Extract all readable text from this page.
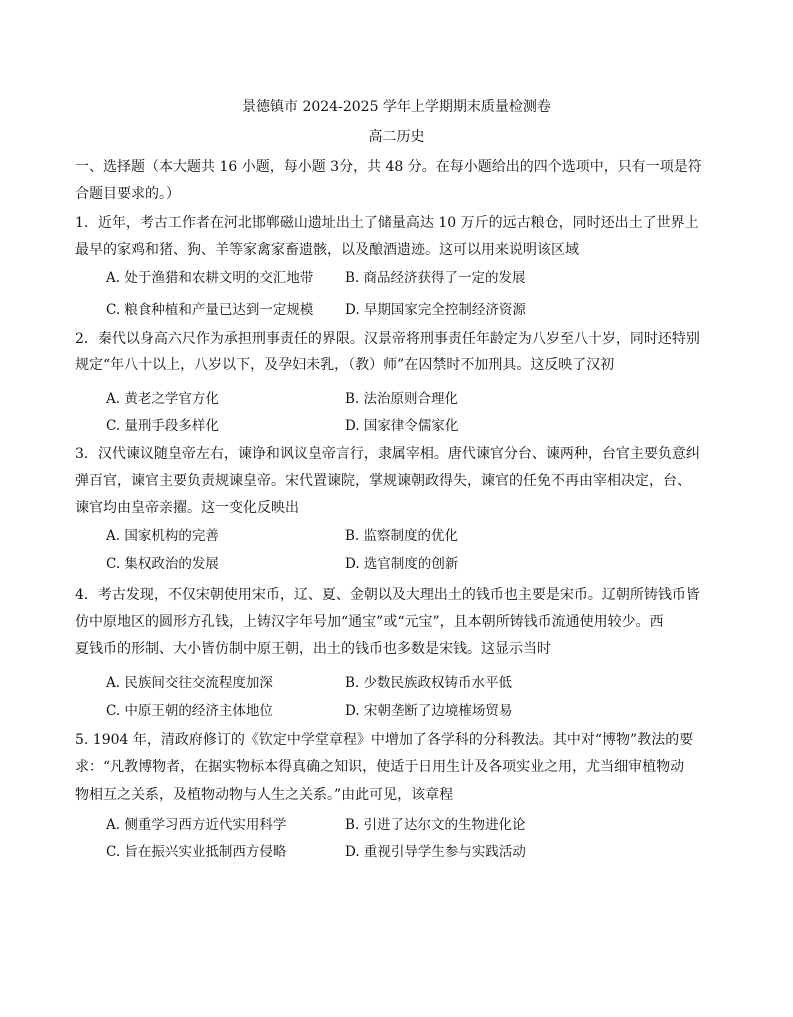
景德镇市 2024-2025 学年上学期期末质量检测卷
高二历史
一、选择题（本大题共 16 小题，每小题 3分，共 48 分。在每小题给出的四个选项中，只有一项是符
合题目要求的。）
1．近年，考古工作者在河北邯郸磁山遗址出土了储量高达 10 万斤的远古粮仓，同时还出土了世界上
最早的家鸡和猪、狗、羊等家禽家畜遗骸，以及酿酒遗迹。这可以用来说明该区域
A. 处于渔猎和农耕文明的交汇地带 B. 商品经济获得了一定的发展
C. 粮食种植和产量已达到一定规模 D. 早期国家完全控制经济资源
2．秦代以身高六尺作为承担刑事责任的界限。汉景帝将刑事责任年龄定为八岁至八十岁，同时还特别
规定“年八十以上，八岁以下，及孕妇未乳，（教）师”在囚禁时不加刑具。这反映了汉初
A. 黄老之学官方化	B. 法治原则合理化
C. 量刑手段多样化	D. 国家律令儒家化
3．汉代谏议随皇帝左右，谏诤和讽议皇帝言行，隶属宰相。唐代谏官分台、谏两种，台官主要负意纠
弹百官，谏官主要负责规谏皇帝。宋代置谏院，掌规谏朝政得失，谏官的任免不再由宰相决定，台、
谏官均由皇帝亲擢。这一变化反映出
A. 国家机构的完善	B. 监察制度的优化
C. 集权政治的发展	D. 选官制度的创新
4．考古发现，不仅宋朝使用宋币，辽、夏、金朝以及大理出土的钱币也主要是宋币。辽朝所铸钱币皆
仿中原地区的圆形方孔钱，上铸汉字年号加“通宝”或“元宝”，且本朝所铸钱币流通使用较少。西
夏钱币的形制、大小皆仿制中原王朝，出土的钱币也多数是宋钱。这显示当时
A. 民族间交往交流程度加深	B. 少数民族政权铸币水平低
C. 中原王朝的经济主体地位	D. 宋朝垄断了边境榷场贸易
5. 1904 年，清政府修订的《钦定中学堂章程》中增加了各学科的分科教法。其中对“博物”教法的要
求：“凡教博物者，在据实物标本得真确之知识，使适于日用生计及各项实业之用，尤当细审植物动
物相互之关系，及植物动物与人生之关系。”由此可见，该章程
A. 侧重学习西方近代实用科学	B. 引进了达尔文的生物进化论
C. 旨在振兴实业抵制西方侵略	D. 重视引导学生参与实践活动
